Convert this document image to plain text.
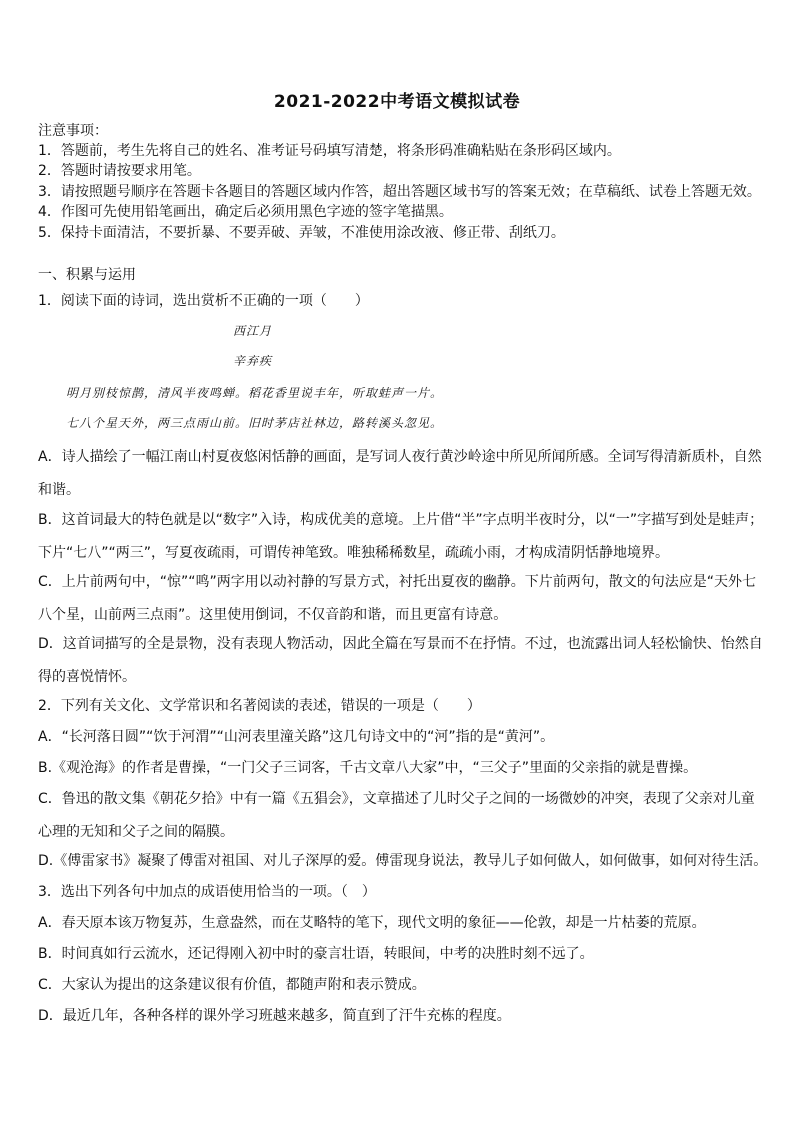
2021-2022中考语文模拟试卷
注意事项：
1．答题前，考生先将自己的姓名、准考证号码填写清楚，将条形码准确粘贴在条形码区域内。
2．答题时请按要求用笔。
3．请按照题号顺序在答题卡各题目的答题区域内作答，超出答题区域书写的答案无效；在草稿纸、试卷上答题无效。
4．作图可先使用铅笔画出，确定后必须用黑色字迹的签字笔描黑。
5．保持卡面清洁，不要折暴、不要弄破、弄皱，不准使用涂改液、修正带、刮纸刀。
一、积累与运用
1．阅读下面的诗词，选出赏析不正确的一项（　　）
西江月
辛弃疾
明月别枝惊鹊，清风半夜鸣蝉。稻花香里说丰年，听取蛙声一片。
七八个星天外，两三点雨山前。旧时茅店社林边，路转溪头忽见。
A．诗人描绘了一幅江南山村夏夜悠闲恬静的画面，是写词人夜行黄沙岭途中所见所闻所感。全词写得清新质朴，自然和谐。
B．这首词最大的特色就是以“数字”入诗，构成优美的意境。上片借“半”字点明半夜时分，以“一”字描写到处是蛙声；下片“七八”“两三”，写夏夜疏雨，可谓传神笔致。唯独稀稀数星，疏疏小雨，才构成清阴恬静地境界。
C．上片前两句中，“惊”“鸣”两字用以动衬静的写景方式，衬托出夏夜的幽静。下片前两句，散文的句法应是“天外七八个星，山前两三点雨”。这里使用倒词，不仅音韵和谐，而且更富有诗意。
D．这首词描写的全是景物，没有表现人物活动，因此全篇在写景而不在抒情。不过，也流露出词人轻松愉快、怡然自得的喜悦情怀。
2．下列有关文化、文学常识和名著阅读的表述，错误的一项是（　　）
A．“长河落日圆”“饮于河渭”“山河表里潼关路”这几句诗文中的“河”指的是“黄河”。
B.《观沧海》的作者是曹操，“一门父子三词客，千古文章八大家”中，“三父子”里面的父亲指的就是曹操。
C．鲁迅的散文集《朝花夕拾》中有一篇《五猖会》，文章描述了儿时父子之间的一场微妙的冲突，表现了父亲对儿童心理的无知和父子之间的隔膜。
D.《傅雷家书》凝聚了傅雷对祖国、对儿子深厚的爱。傅雷现身说法，教导儿子如何做人，如何做事，如何对待生活。
3．选出下列各句中加点的成语使用恰当的一项。（　）
A．春天原本该万物复苏，生意盎然，而在艾略特的笔下，现代文明的象征——伦敦，却是一片枯萎的荒原。
B．时间真如行云流水，还记得刚入初中时的豪言壮语，转眼间，中考的决胜时刻不远了。
C．大家认为提出的这条建议很有价值，都随声附和表示赞成。
D．最近几年，各种各样的课外学习班越来越多，简直到了汗牛充栋的程度。
